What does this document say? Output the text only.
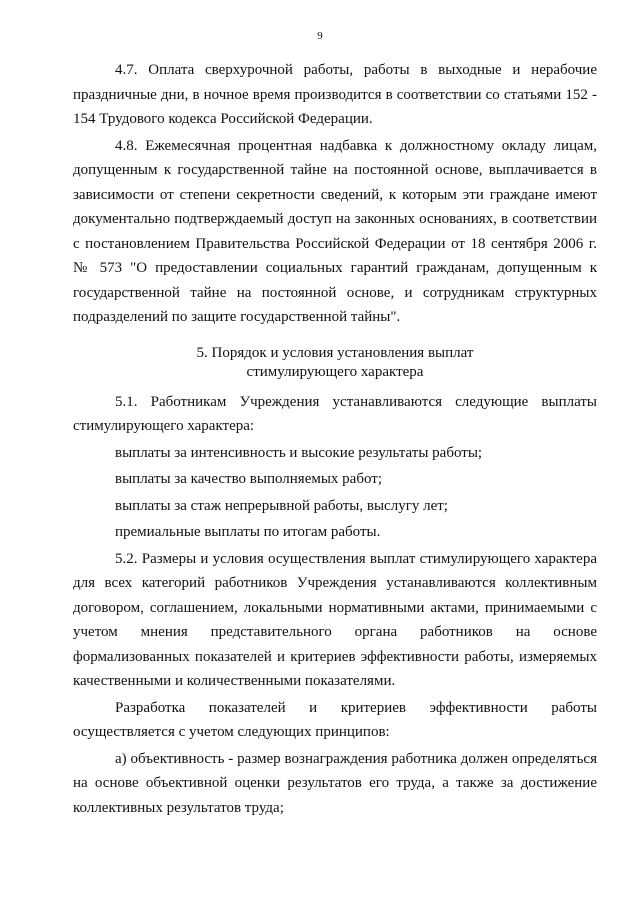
9

4.7. Оплата сверхурочной работы, работы в выходные и нерабочие праздничные дни, в ночное время производится в соответствии со статьями 152 - 154 Трудового кодекса Российской Федерации.

4.8. Ежемесячная процентная надбавка к должностному окладу лицам, допущенным к государственной тайне на постоянной основе, выплачивается в зависимости от степени секретности сведений, к которым эти граждане имеют документально подтверждаемый доступ на законных основаниях, в соответствии с постановлением Правительства Российской Федерации от 18 сентября 2006 г. № 573 "О предоставлении социальных гарантий гражданам, допущенным к государственной тайне на постоянной основе, и сотрудникам структурных подразделений по защите государственной тайны".

5. Порядок и условия установления выплат
стимулирующего характера

5.1. Работникам Учреждения устанавливаются следующие выплаты стимулирующего характера:

выплаты за интенсивность и высокие результаты работы;

выплаты за качество выполняемых работ;

выплаты за стаж непрерывной работы, выслугу лет;

премиальные выплаты по итогам работы.

5.2. Размеры и условия осуществления выплат стимулирующего характера для всех категорий работников Учреждения устанавливаются коллективным договором, соглашением, локальными нормативными актами, принимаемыми с учетом мнения представительного органа работников на основе формализованных показателей и критериев эффективности работы, измеряемых качественными и количественными показателями.

Разработка показателей и критериев эффективности работы осуществляется с учетом следующих принципов:

а) объективность - размер вознаграждения работника должен определяться на основе объективной оценки результатов его труда, а также за достижение коллективных результатов труда;
